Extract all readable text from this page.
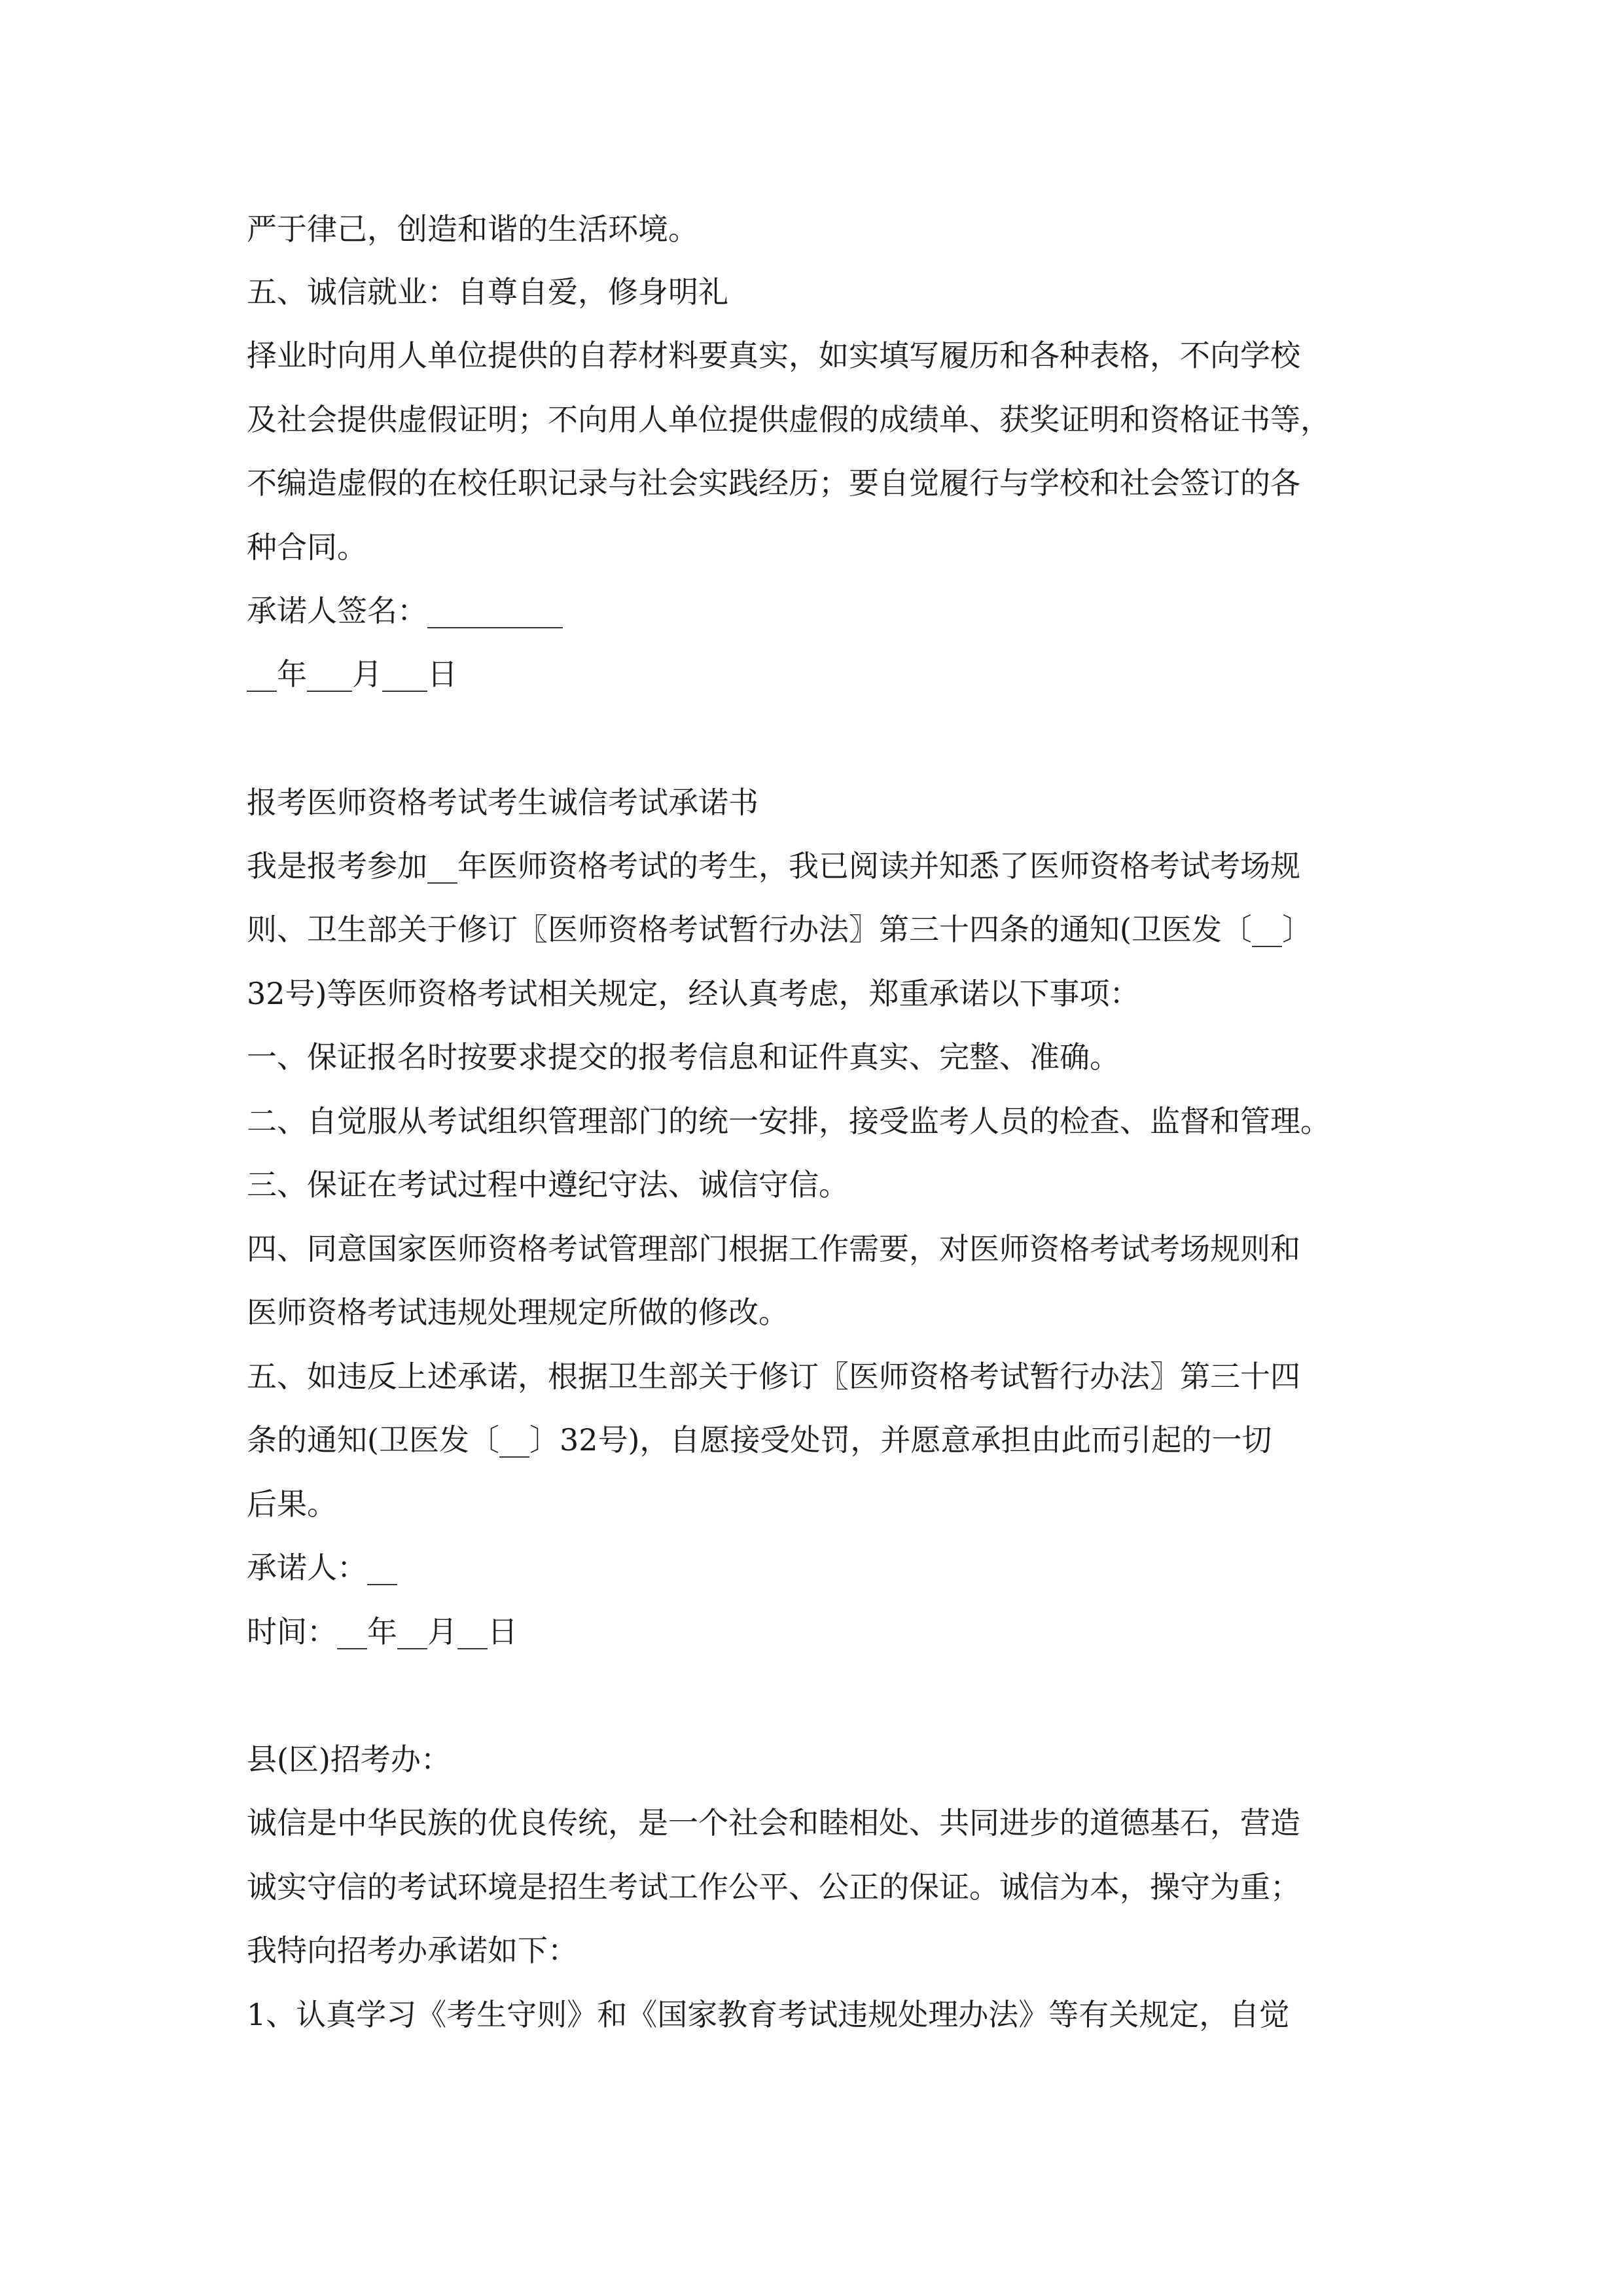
严于律己，创造和谐的生活环境。
五、诚信就业：自尊自爱，修身明礼
择业时向用人单位提供的自荐材料要真实，如实填写履历和各种表格，不向学校
及社会提供虚假证明；不向用人单位提供虚假的成绩单、获奖证明和资格证书等，
不编造虚假的在校任职记录与社会实践经历；要自觉履行与学校和社会签订的各
种合同。
承诺人签名：_________
__年___月___日
报考医师资格考试考生诚信考试承诺书
我是报考参加__年医师资格考试的考生，我已阅读并知悉了医师资格考试考场规
则、卫生部关于修订〖医师资格考试暂行办法〗第三十四条的通知(卫医发〔__〕
32号)等医师资格考试相关规定，经认真考虑，郑重承诺以下事项：
一、保证报名时按要求提交的报考信息和证件真实、完整、准确。
二、自觉服从考试组织管理部门的统一安排，接受监考人员的检查、监督和管理。
三、保证在考试过程中遵纪守法、诚信守信。
四、同意国家医师资格考试管理部门根据工作需要，对医师资格考试考场规则和
医师资格考试违规处理规定所做的修改。
五、如违反上述承诺，根据卫生部关于修订〖医师资格考试暂行办法〗第三十四
条的通知(卫医发〔__〕32号)，自愿接受处罚，并愿意承担由此而引起的一切
后果。
承诺人：__
时间：__年__月__日
县(区)招考办：
诚信是中华民族的优良传统，是一个社会和睦相处、共同进步的道德基石，营造
诚实守信的考试环境是招生考试工作公平、公正的保证。诚信为本，操守为重；
我特向招考办承诺如下：
1、认真学习《考生守则》和《国家教育考试违规处理办法》等有关规定，自觉
